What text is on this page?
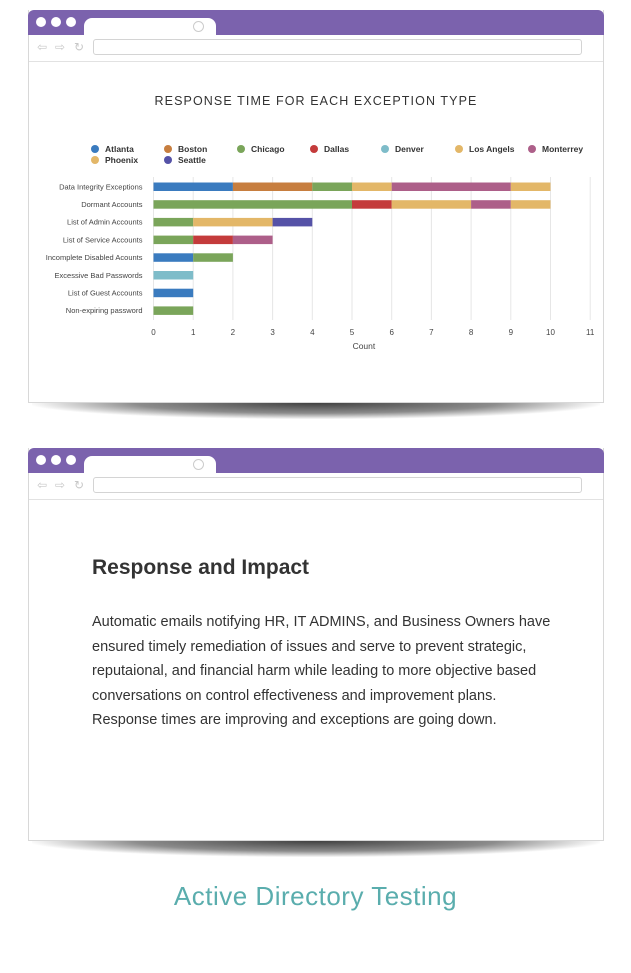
⇦ ⇨ ↻
RESPONSE TIME FOR EACH EXCEPTION TYPE
Atlanta	Boston	Chicago	Dallas	Denver	Los Angels	Monterrey
Phoenix	Seattle
0	1	2	3	4	5	6	7	8	9	10	11
Count
Data Integrity Exceptions
Dormant Accounts
List of Admin Accounts
List of Service Accounts
Incomplete Disabled Acounts
Excessive Bad Passwords
List of Guest Accounts
Non-expiring password
⇦ ⇨ ↻
Response and Impact
Automatic emails notifying HR, IT ADMINS, and Business Owners have ensured timely remediation of issues and serve to prevent strategic, reputaional, and financial harm while leading to more objective based conversations on control effectiveness and improvement plans. Response times are improving and exceptions are going down.
Active Directory Testing
